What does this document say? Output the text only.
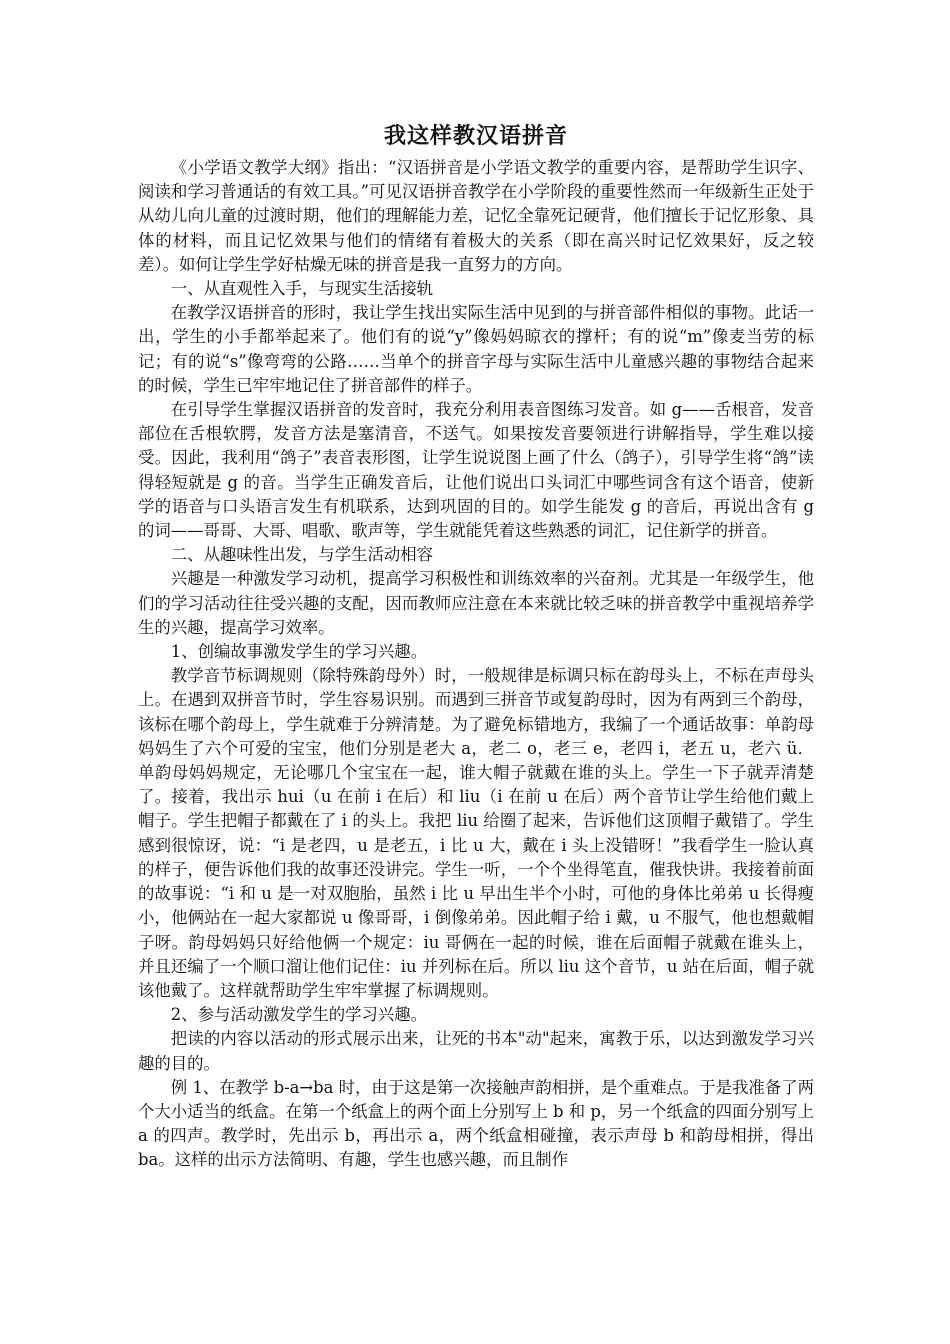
我这样教汉语拼音

《小学语文教学大纲》指出：“汉语拼音是小学语文教学的重要内容，是帮助学生识字、阅读和学习普通话的有效工具。”可见汉语拼音教学在小学阶段的重要性然而一年级新生正处于从幼儿向儿童的过渡时期，他们的理解能力差，记忆全靠死记硬背，他们擅长于记忆形象、具体的材料，而且记忆效果与他们的情绪有着极大的关系（即在高兴时记忆效果好，反之较差）。如何让学生学好枯燥无味的拼音是我一直努力的方向。

一、从直观性入手，与现实生活接轨

在教学汉语拼音的形时，我让学生找出实际生活中见到的与拼音部件相似的事物。此话一出，学生的小手都举起来了。他们有的说“y”像妈妈晾衣的撑杆；有的说“m”像麦当劳的标记；有的说“s”像弯弯的公路……当单个的拼音字母与实际生活中儿童感兴趣的事物结合起来的时候，学生已牢牢地记住了拼音部件的样子。

在引导学生掌握汉语拼音的发音时，我充分利用表音图练习发音。如 g——舌根音，发音部位在舌根软腭，发音方法是塞清音，不送气。如果按发音要领进行讲解指导，学生难以接受。因此，我利用“鸽子”表音表形图，让学生说说图上画了什么（鸽子），引导学生将“鸽”读得轻短就是 g 的音。当学生正确发音后，让他们说出口头词汇中哪些词含有这个语音，使新学的语音与口头语言发生有机联系，达到巩固的目的。如学生能发 g 的音后，再说出含有 g 的词——哥哥、大哥、唱歌、歌声等，学生就能凭着这些熟悉的词汇，记住新学的拼音。

二、从趣味性出发，与学生活动相容

兴趣是一种激发学习动机，提高学习积极性和训练效率的兴奋剂。尤其是一年级学生，他们的学习活动往往受兴趣的支配，因而教师应注意在本来就比较乏味的拼音教学中重视培养学生的兴趣，提高学习效率。

1、创编故事激发学生的学习兴趣。

教学音节标调规则（除特殊韵母外）时，一般规律是标调只标在韵母头上，不标在声母头上。在遇到双拼音节时，学生容易识别。而遇到三拼音节或复韵母时，因为有两到三个韵母，该标在哪个韵母上，学生就难于分辨清楚。为了避免标错地方，我编了一个通话故事：单韵母妈妈生了六个可爱的宝宝，他们分别是老大 a，老二 o，老三 e，老四 i，老五 u，老六 ü．单韵母妈妈规定，无论哪几个宝宝在一起，谁大帽子就戴在谁的头上。学生一下子就弄清楚了。接着，我出示 hui（u 在前 i 在后）和 liu（i 在前 u 在后）两个音节让学生给他们戴上帽子。学生把帽子都戴在了 i 的头上。我把 liu 给圈了起来，告诉他们这顶帽子戴错了。学生感到很惊讶，说：“i 是老四，u 是老五，i 比 u 大，戴在 i 头上没错呀！”我看学生一脸认真的样子，便告诉他们我的故事还没讲完。学生一听，一个个坐得笔直，催我快讲。我接着前面的故事说：“i 和 u 是一对双胞胎，虽然 i 比 u 早出生半个小时，可他的身体比弟弟 u 长得瘦小，他俩站在一起大家都说 u 像哥哥，i 倒像弟弟。因此帽子给 i 戴，u 不服气，他也想戴帽子呀。韵母妈妈只好给他俩一个规定：iu 哥俩在一起的时候，谁在后面帽子就戴在谁头上，并且还编了一个顺口溜让他们记住：iu 并列标在后。所以 liu 这个音节，u 站在后面，帽子就该他戴了。这样就帮助学生牢牢掌握了标调规则。

2、参与活动激发学生的学习兴趣。

把读的内容以活动的形式展示出来，让死的书本"动"起来，寓教于乐，以达到激发学习兴趣的目的。

例 1、在教学 b-a→ba 时，由于这是第一次接触声韵相拼，是个重难点。于是我准备了两个大小适当的纸盒。在第一个纸盒上的两个面上分别写上 b 和 p，另一个纸盒的四面分别写上 a 的四声。教学时，先出示 b，再出示 a，两个纸盒相碰撞，表示声母 b 和韵母相拼，得出 ba。这样的出示方法简明、有趣，学生也感兴趣，而且制作
